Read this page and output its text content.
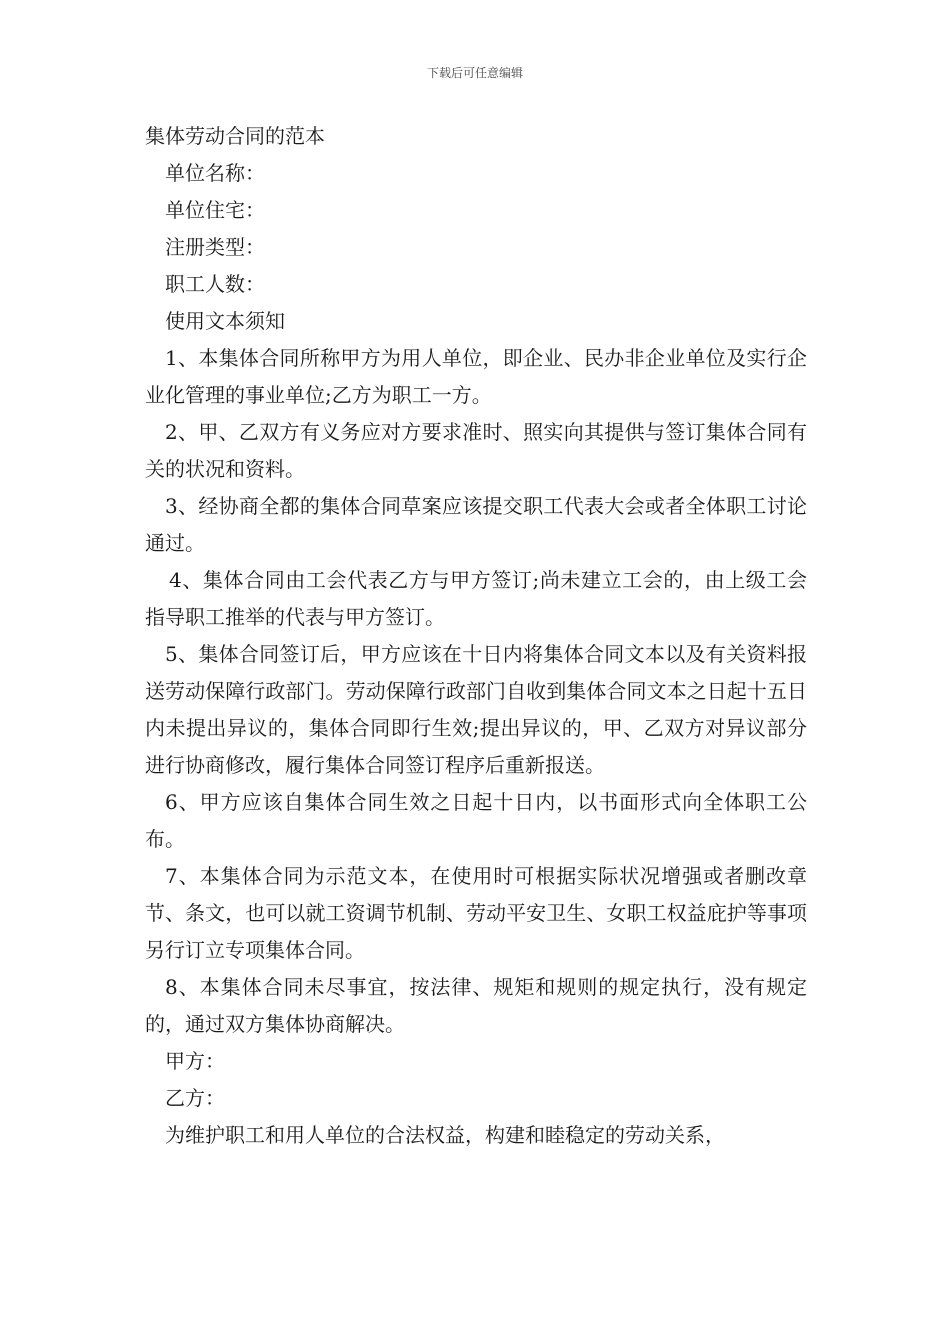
下载后可任意编辑

集体劳动合同的范本

单位名称：

单位住宅：

注册类型：

职工人数：

使用文本须知

1、本集体合同所称甲方为用人单位，即企业、民办非企业单位及实行企业化管理的事业单位;乙方为职工一方。

2、甲、乙双方有义务应对方要求准时、照实向其提供与签订集体合同有关的状况和资料。

3、经协商全都的集体合同草案应该提交职工代表大会或者全体职工讨论通过。

4、集体合同由工会代表乙方与甲方签订;尚未建立工会的，由上级工会指导职工推举的代表与甲方签订。

5、集体合同签订后，甲方应该在十日内将集体合同文本以及有关资料报送劳动保障行政部门。劳动保障行政部门自收到集体合同文本之日起十五日内未提出异议的，集体合同即行生效;提出异议的，甲、乙双方对异议部分进行协商修改，履行集体合同签订程序后重新报送。

6、甲方应该自集体合同生效之日起十日内，以书面形式向全体职工公布。

7、本集体合同为示范文本，在使用时可根据实际状况增强或者删改章节、条文，也可以就工资调节机制、劳动平安卫生、女职工权益庇护等事项另行订立专项集体合同。

8、本集体合同未尽事宜，按法律、规矩和规则的规定执行，没有规定的，通过双方集体协商解决。

甲方：

乙方：

为维护职工和用人单位的合法权益，构建和睦稳定的劳动关系，
